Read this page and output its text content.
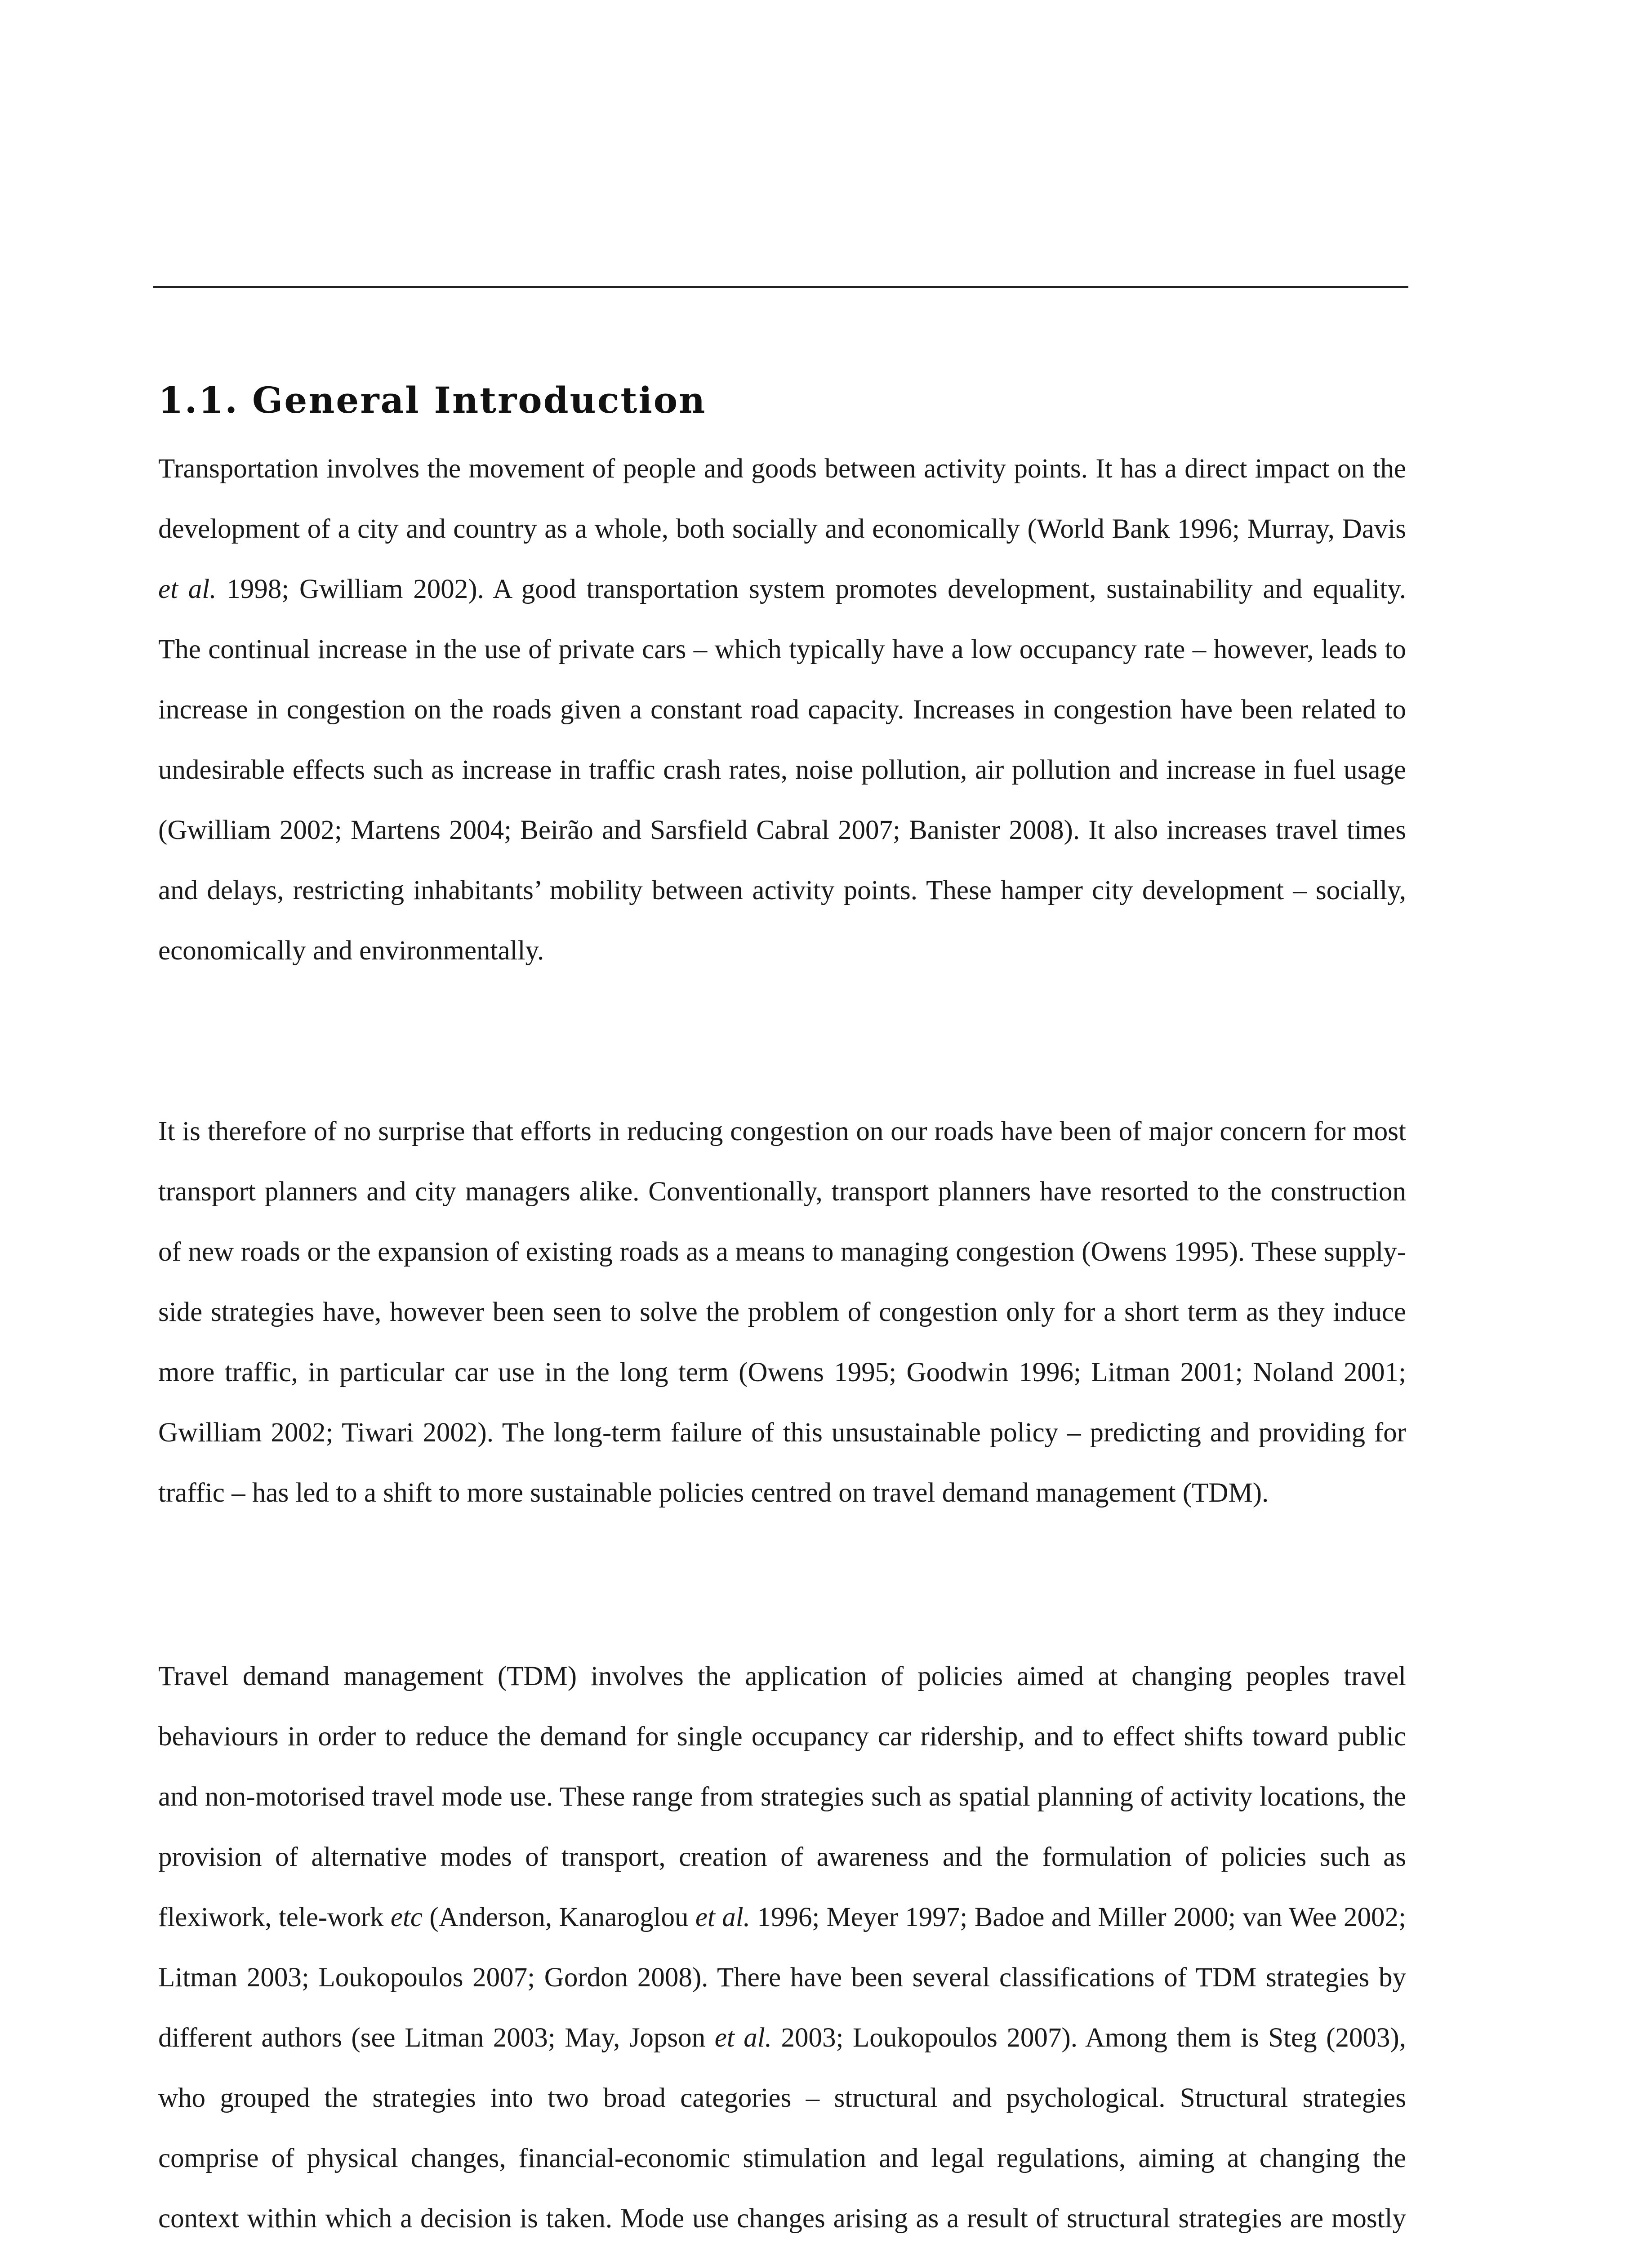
1.1. General Introduction

Transportation involves the movement of people and goods between activity points. It has a direct impact on the development of a city and country as a whole, both socially and economically (World Bank 1996; Murray, Davis et al. 1998; Gwilliam 2002). A good transportation system promotes development, sustainability and equality. The continual increase in the use of private cars – which typically have a low occupancy rate – however, leads to increase in congestion on the roads given a constant road capacity. Increases in congestion have been related to undesirable effects such as increase in traffic crash rates, noise pollution, air pollution and increase in fuel usage (Gwilliam 2002; Martens 2004; Beirão and Sarsfield Cabral 2007; Banister 2008). It also increases travel times and delays, restricting inhabitants’ mobility between activity points. These hamper city development – socially, economically and environmentally.

It is therefore of no surprise that efforts in reducing congestion on our roads have been of major concern for most transport planners and city managers alike. Conventionally, transport planners have resorted to the construction of new roads or the expansion of existing roads as a means to managing congestion (Owens 1995). These supply-side strategies have, however been seen to solve the problem of congestion only for a short term as they induce more traffic, in particular car use in the long term (Owens 1995; Goodwin 1996; Litman 2001; Noland 2001; Gwilliam 2002; Tiwari 2002). The long-term failure of this unsustainable policy – predicting and providing for traffic – has led to a shift to more sustainable policies centred on travel demand management (TDM).

Travel demand management (TDM) involves the application of policies aimed at changing peoples travel behaviours in order to reduce the demand for single occupancy car ridership, and to effect shifts toward public and non-motorised travel mode use. These range from strategies such as spatial planning of activity locations, the provision of alternative modes of transport, creation of awareness and the formulation of policies such as flexiwork, tele-work etc (Anderson, Kanaroglou et al. 1996; Meyer 1997; Badoe and Miller 2000; van Wee 2002; Litman 2003; Loukopoulos 2007; Gordon 2008). There have been several classifications of TDM strategies by different authors (see Litman 2003; May, Jopson et al. 2003; Loukopoulos 2007). Among them is Steg (2003), who grouped the strategies into two broad categories – structural and psychological. Structural strategies comprise of physical changes, financial-economic stimulation and legal regulations, aiming at changing the context within which a decision is taken. Mode use changes arising as a result of structural strategies are mostly
